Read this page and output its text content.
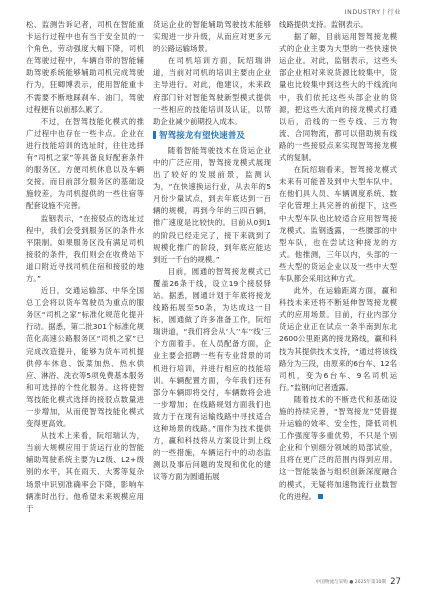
INDUSTRY丨行业

松、监测告诉记者，司机在智能重卡运行过程中也有当于安全员的一个角色，劳动强度大幅下降，司机在驾驶过程中，车辆自带的智能辅助驾驶系统能够辅助司机完成驾驶行为，狂卿博表示，使用智能重卡不需要不断地踩刹车、油门，驾驶过程便有以前那么累了。

不过，在智驾技能化模式的推广过程中也存在一些卡点。企业在进行技能培训的选址时，往往选择有“司机之家”等具备良好配套条件的服务区。方便司机休息以及车辆交接。而目前部分服务区的基础设施较差，为司机提供的一些住宿等配套设施不完善。

监铟表示，“在接驳点的选址过程中，我们会受到服务区的条件水平限制。如果服务区没有满足司机接驳的条件，我们则会在收费站下道口附近寻找司机住宿和接驳的地方。”

近日，交通运输部、中华全国总工会将以货车驾驶员为重点的服务区“司机之家”标准化规范化提升行动。据悉，第二批301个标准化规范化高速公路服务区“司机之家”已完成改造提升，能够为货车司机提供停车休息、饭菜加热、热水供应、淋浴、洗衣等5项免费基本服务和可选择的个性化服务。这将使智驾技能化模式选择的接驳点数量进一步增加，从而使智驾技能化模式变得更高效。

从技术上来看，阮绍瑞认为，当前大规模应用于货运行业的智能辅助驾驶系统主要为L2级、L2+级别的水平，其在雨天、大雾等复杂场景中识别准确率会下降，影响车辆准时出行。他希望未来规模应用于

货运企业的智能辅助驾驶技术能够实现进一步升级，从而应对更多元的公路运输场景。

在司机培训方面，阮绍瑞讲道，当前对司机的培训主要由企业主导进行。对此，他建议，未来政府部门针对智能驾驶新型模式提供一些相应的技能培训及认证，以帮助企业减少前期投入成本。

智驾接龙有望快速普及

随着智能驾驶技术在货运企业中的广泛应用，智驾接龙模式展现出了较好的发展前景，监测认为，“在快速换运行业，从去年的5月份少量试点，到去年底达到一百辆的规模，再到今年的三四百辆，推广速度是比较快的。目前从0到1的阶段已经走完了，接下来就到了规模化推广的阶段，到年底应能达到近一千台的规模。”

目前，圆通的智驾接龙模式已覆盖26条干线，设立19个接驳驿站。据悉，圆通计划于年底将接龙线路拓展至50条，为达成这一目标，圆通做了许多准备工作，阮绍瑞讲道，“我们将会从‘人’‘车’‘线’三个方面着手。在人员配备方面，企业主要会招聘一些有专业背景的司机进行培训，并进行相应的技能培训。车辆配置方面，今年我们还有部分车辆即将交付，车辆数将会进一步增加；在线路规划方面我们也致力于在现有运输线路中寻找适合这种场景的线路。”面作为技术提供方，赢和科技将从方案设计到上线的一些措施，车辆运行中的动态监测以及事后问题的发现和优化的建议等方面为圆通拓展

线路提供支持。监钢表示。

据了解，目前运用智驾接龙模式的企业主要为大型的一些快速快运企业。对此，监铟表示，这些头部企业相对来说货源比较集中，货量也比较集中到这些大的干线流向中，我们依托这些头部企业的货源，把这些大流向的接龙模式打通以后，沿线的一些专线、三方物流、合同物流，都可以借助规有线路的一些接驳点来实现智驾接龙模式的复制。

在阮绍瑞看来，智驾接龙模式未来有可能普及到中大型车队中。在他们具人员、车辆调度系统、数字化管理上具完善的前提下，这些中大型车队也比较适合应用智驾接龙模式。监钢透露，一些腰部的中型车队，也在尝试这种接龙的方式。他推测，三年以内，头部的一些大型的货运企业以及一些中大型车队都会采用这种方式。

此外，在运输距离方面，赢和科技未来还将不断延伸智驾接龙模式的应用场景。目前，行业内部分货运企业正在试点一条半南到东北2600公里距离的接龙路线，赢和科技为其提供技术支持，“通过将该线路分为三段，由原来的6台车、12名司机，变为6台车、9名司机运行。”监钢向记者透露。

随着技术的不断迭代和基础设施的持续完善，“智驾接龙”凭借提升运输的效率、安全性，降低司机工作强度等多重优势，不只是个别企业和个别细分领域的局部试验，且将在更广泛的范围内得到应用。这一智能装备与组织创新深度融合的模式，无疑将加速物流行业数智化的进程。

中国物流与采购 ● 2025年第10期 27
